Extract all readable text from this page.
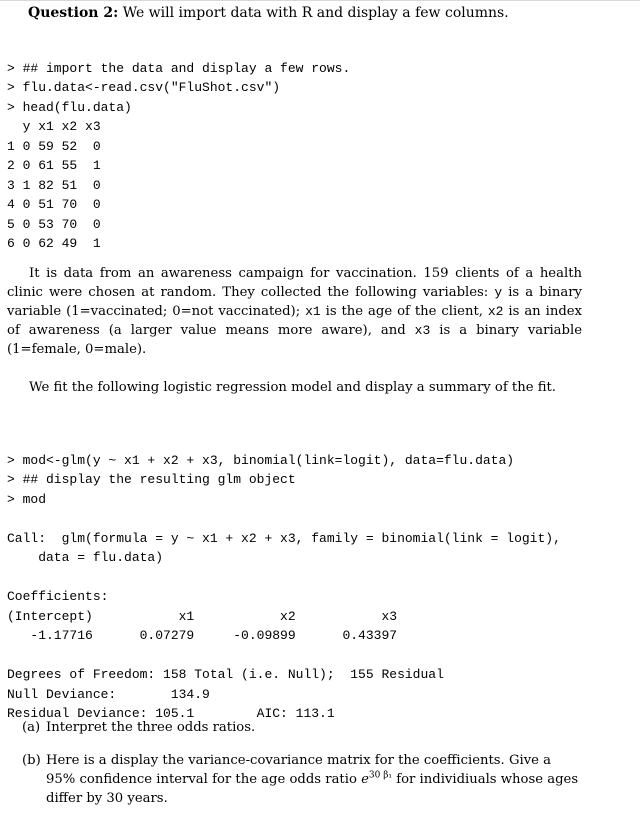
Question 2: We will import data with R and display a few columns.

> ## import the data and display a few rows.
> flu.data<-read.csv("FluShot.csv")
> head(flu.data)
y x1 x2 x3
1 0 59 52  0
2 0 61 55  1
3 1 82 51  0
4 0 51 70  0
5 0 53 70  0
6 0 62 49  1

It is data from an awareness campaign for vaccination. 159 clients of a health clinic were chosen at random. They collected the following variables: y is a binary variable (1=vaccinated; 0=not vaccinated); x1 is the age of the client, x2 is an index of awareness (a larger value means more aware), and x3 is a binary variable (1=female, 0=male).
We fit the following logistic regression model and display a summary of the fit.

> mod<-glm(y ~ x1 + x2 + x3, binomial(link=logit), data=flu.data)
> ## display the resulting glm object
> mod

Call:  glm(formula = y ~ x1 + x2 + x3, family = binomial(link = logit),
data = flu.data)

Coefficients:
(Intercept)           x1           x2           x3
-1.17716      0.07279     -0.09899      0.43397

Degrees of Freedom: 158 Total (i.e. Null);  155 Residual
Null Deviance:       134.9
Residual Deviance: 105.1        AIC: 113.1

(a) Interpret the three odds ratios.
(b) Here is a display the variance-covariance matrix for the coefficients. Give a 95% confidence interval for the age odds ratio $e^{30 \beta_1}$ for individiuals whose ages differ by 30 years.
